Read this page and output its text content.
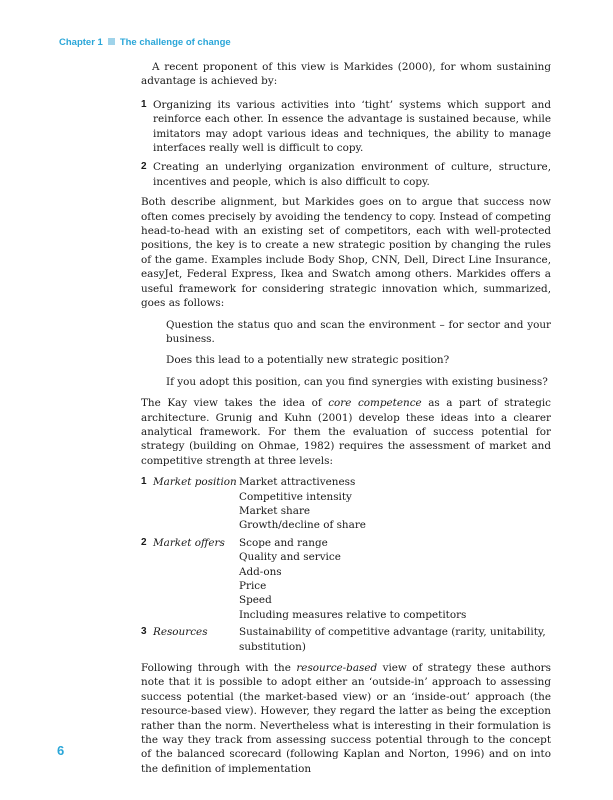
Chapter 1 The challenge of change

A recent proponent of this view is Markides (2000), for whom sustaining advantage is achieved by:

1 Organizing its various activities into ‘tight’ systems which support and reinforce each other. In essence the advantage is sustained because, while imitators may adopt various ideas and techniques, the ability to manage interfaces really well is difficult to copy.
2 Creating an underlying organization environment of culture, structure, incentives and people, which is also difficult to copy.

Both describe alignment, but Markides goes on to argue that success now often comes precisely by avoiding the tendency to copy. Instead of competing head-to-head with an existing set of competitors, each with well-protected positions, the key is to create a new strategic position by changing the rules of the game. Examples include Body Shop, CNN, Dell, Direct Line Insurance, easyJet, Federal Express, Ikea and Swatch among others. Markides offers a useful framework for considering strategic innovation which, summarized, goes as follows:

Question the status quo and scan the environment – for sector and your business.

Does this lead to a potentially new strategic position?

If you adopt this position, can you find synergies with existing business?

The Kay view takes the idea of core competence as a part of strategic architecture. Grunig and Kuhn (2001) develop these ideas into a clearer analytical framework. For them the evaluation of success potential for strategy (building on Ohmae, 1982) requires the assessment of market and competitive strength at three levels:

1 Market position Market attractiveness
Competitive intensity
Market share
Growth/decline of share
2 Market offers	Scope and range
Quality and service
Add-ons
Price
Speed
Including measures relative to competitors
3 Resources	Sustainability of competitive advantage (rarity, unitability, substitution)

Following through with the resource-based view of strategy these authors note that it is possible to adopt either an ‘outside-in’ approach to assessing success potential (the market-based view) or an ‘inside-out’ approach (the resource-based view). However, they regard the latter as being the exception rather than the norm. Nevertheless what is interesting in their formulation is the way they track from assessing success potential through to the concept of the balanced scorecard (following Kaplan and Norton, 1996) and on into the definition of implementation

6
